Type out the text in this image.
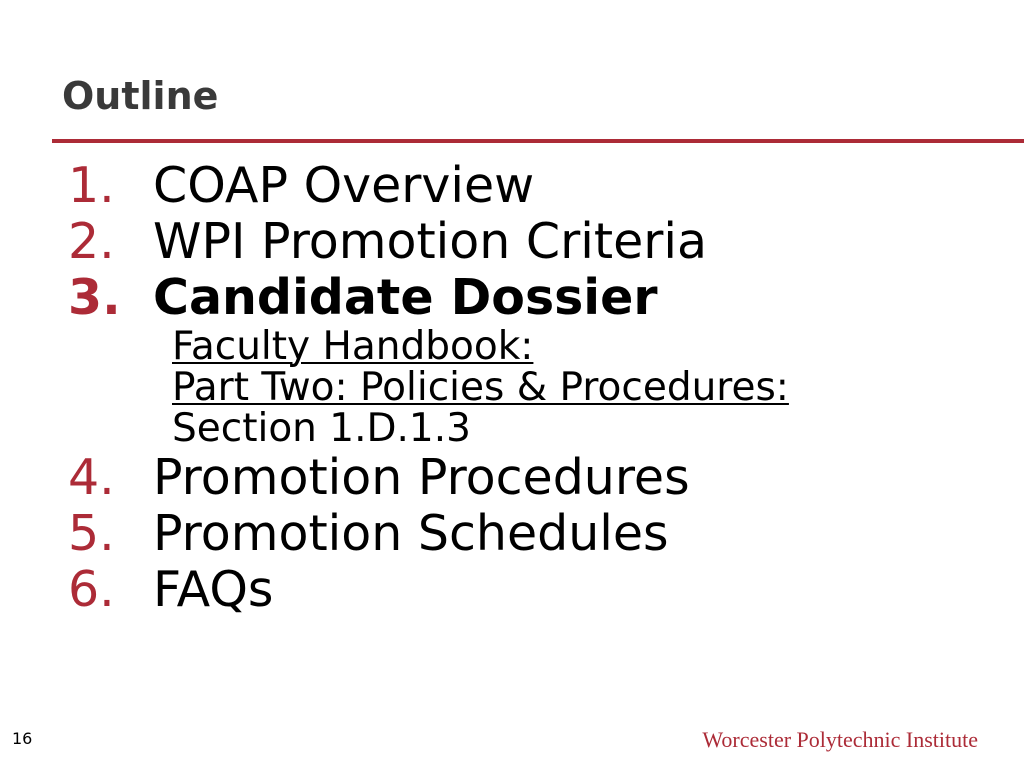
Outline
1. COAP Overview
2. WPI Promotion Criteria
3. Candidate Dossier
Faculty Handbook:
Part Two: Policies & Procedures:
Section 1.D.1.3
4. Promotion Procedures
5. Promotion Schedules
6. FAQs
16	Worcester Polytechnic Institute
